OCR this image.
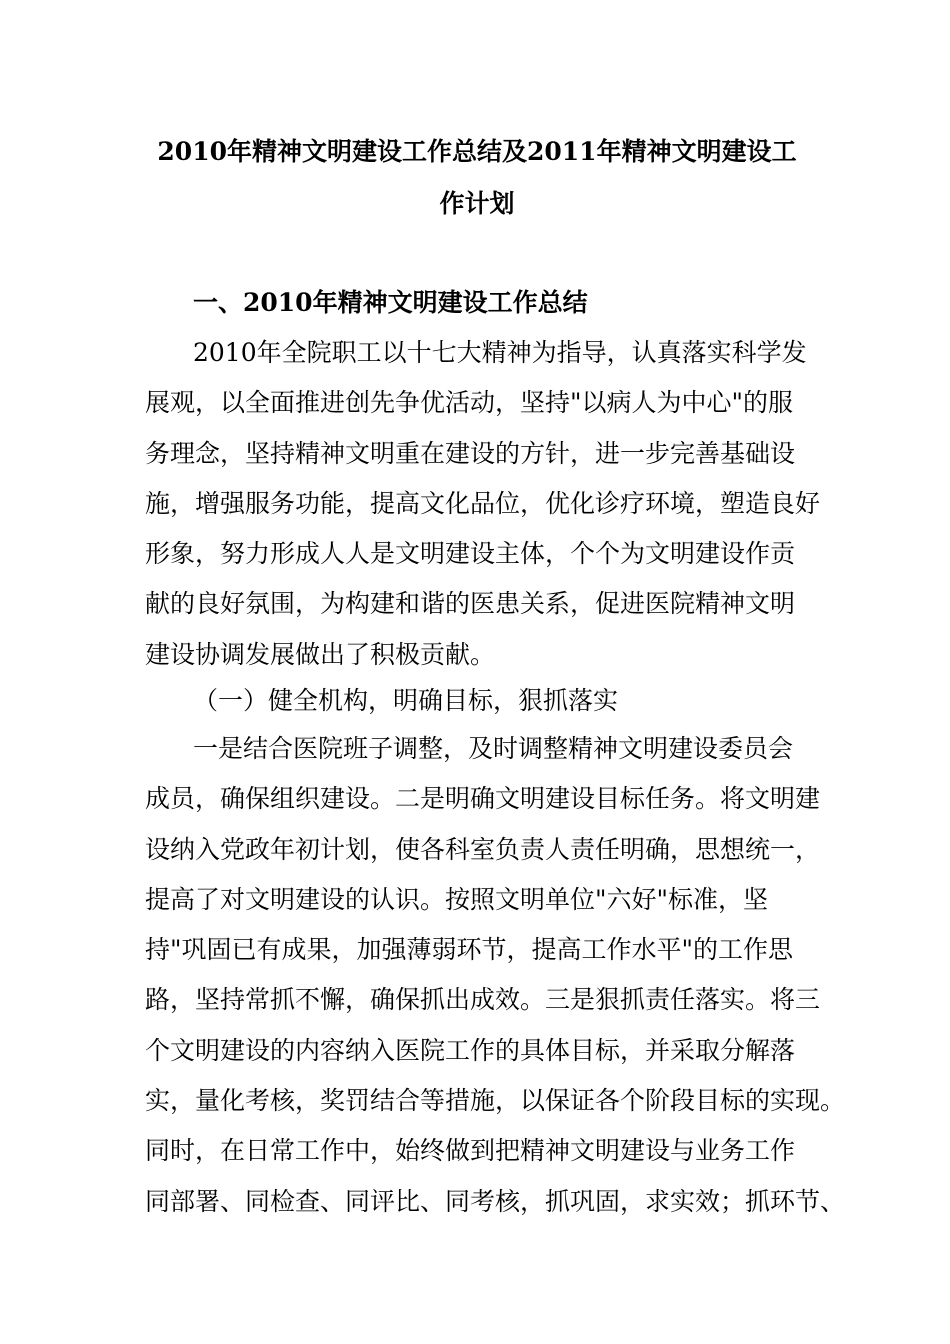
2010年精神文明建设工作总结及2011年精神文明建设工
作计划
一、2010年精神文明建设工作总结
2010年全院职工以十七大精神为指导，认真落实科学发
展观，以全面推进创先争优活动，坚持"以病人为中心"的服
务理念，坚持精神文明重在建设的方针，进一步完善基础设
施，增强服务功能，提高文化品位，优化诊疗环境，塑造良好
形象，努力形成人人是文明建设主体，个个为文明建设作贡
献的良好氛围，为构建和谐的医患关系，促进医院精神文明
建设协调发展做出了积极贡献。
（一）健全机构，明确目标，狠抓落实
一是结合医院班子调整，及时调整精神文明建设委员会
成员，确保组织建设。二是明确文明建设目标任务。将文明建
设纳入党政年初计划，使各科室负责人责任明确，思想统一，
提高了对文明建设的认识。按照文明单位"六好"标准，坚
持"巩固已有成果，加强薄弱环节，提高工作水平"的工作思
路，坚持常抓不懈，确保抓出成效。三是狠抓责任落实。将三
个文明建设的内容纳入医院工作的具体目标，并采取分解落
实，量化考核，奖罚结合等措施，以保证各个阶段目标的实现。
同时，在日常工作中，始终做到把精神文明建设与业务工作
同部署、同检查、同评比、同考核，抓巩固，求实效；抓环节、
